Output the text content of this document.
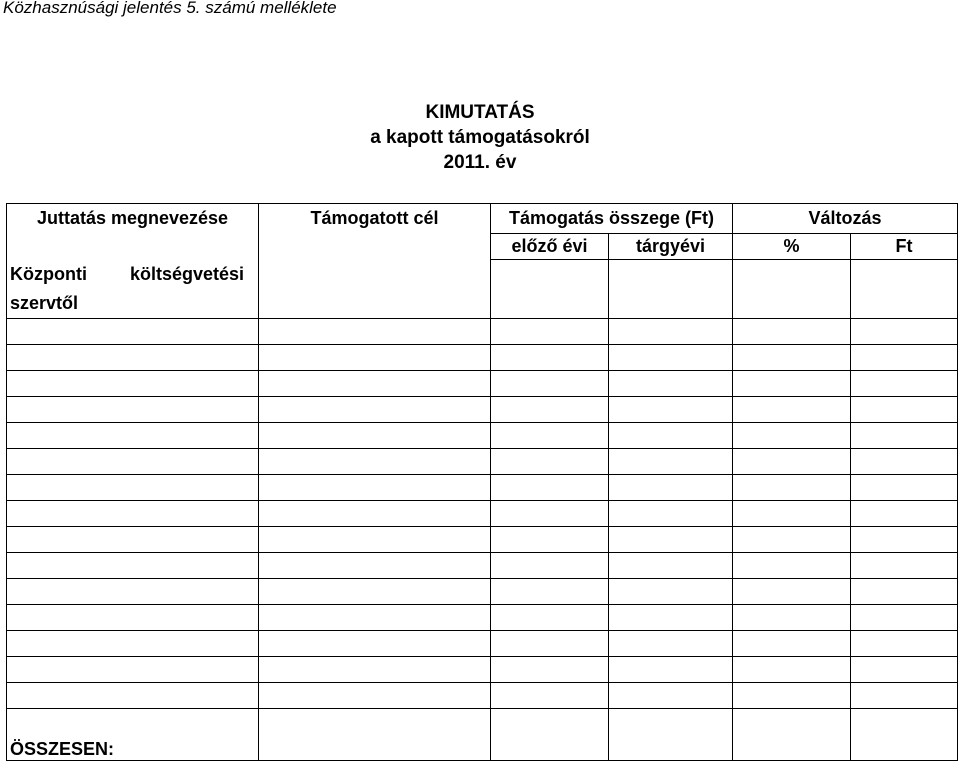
Közhasznúsági jelentés 5. számú melléklete
KIMUTATÁS
a kapott támogatásokról
2011. év
Juttatás megnevezése	Támogatott cél	Támogatás összege (Ft)		Változás	
		előző évi	tárgyévi	%	Ft

Központi költségvetési
szervtől					

ÖSSZESEN:					
